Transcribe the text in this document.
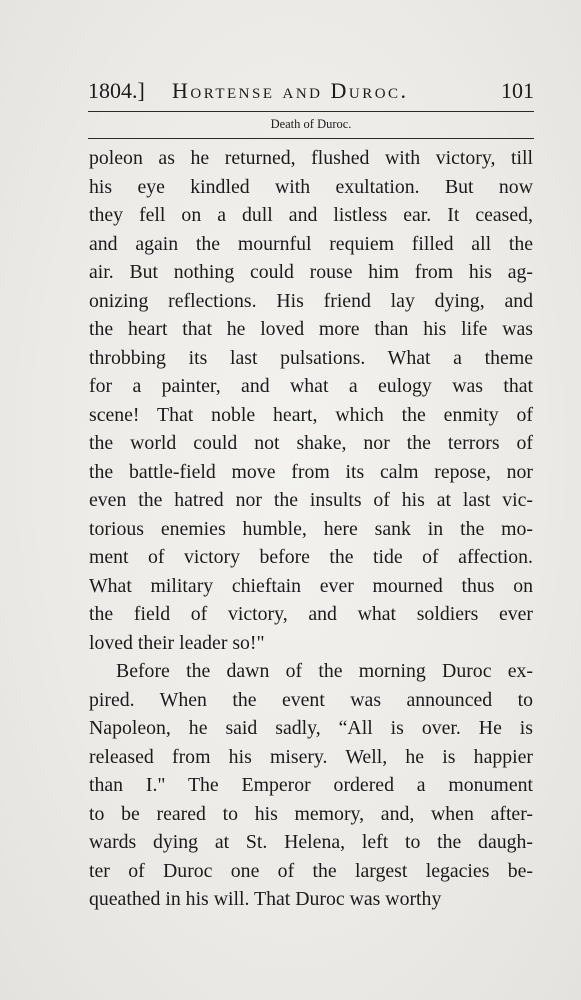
1804.] Hortense and Duroc.	101
Death of Duroc.
poleon as he returned, flushed with victory, till
his eye kindled with exultation. But now
they fell on a dull and listless ear. It ceased,
and again the mournful requiem filled all the
air. But nothing could rouse him from his ag-
onizing reflections. His friend lay dying, and
the heart that he loved more than his life was
throbbing its last pulsations. What a theme
for a painter, and what a eulogy was that
scene! That noble heart, which the enmity of
the world could not shake, nor the terrors of
the battle-field move from its calm repose, nor
even the hatred nor the insults of his at last vic-
torious enemies humble, here sank in the mo-
ment of victory before the tide of affection.
What military chieftain ever mourned thus on
the field of victory, and what soldiers ever
loved their leader so!"
Before the dawn of the morning Duroc ex-
pired. When the event was announced to
Napoleon, he said sadly, “All is over. He is
released from his misery. Well, he is happier
than I." The Emperor ordered a monument
to be reared to his memory, and, when after-
wards dying at St. Helena, left to the daugh-
ter of Duroc one of the largest legacies be-
queathed in his will. That Duroc was worthy
